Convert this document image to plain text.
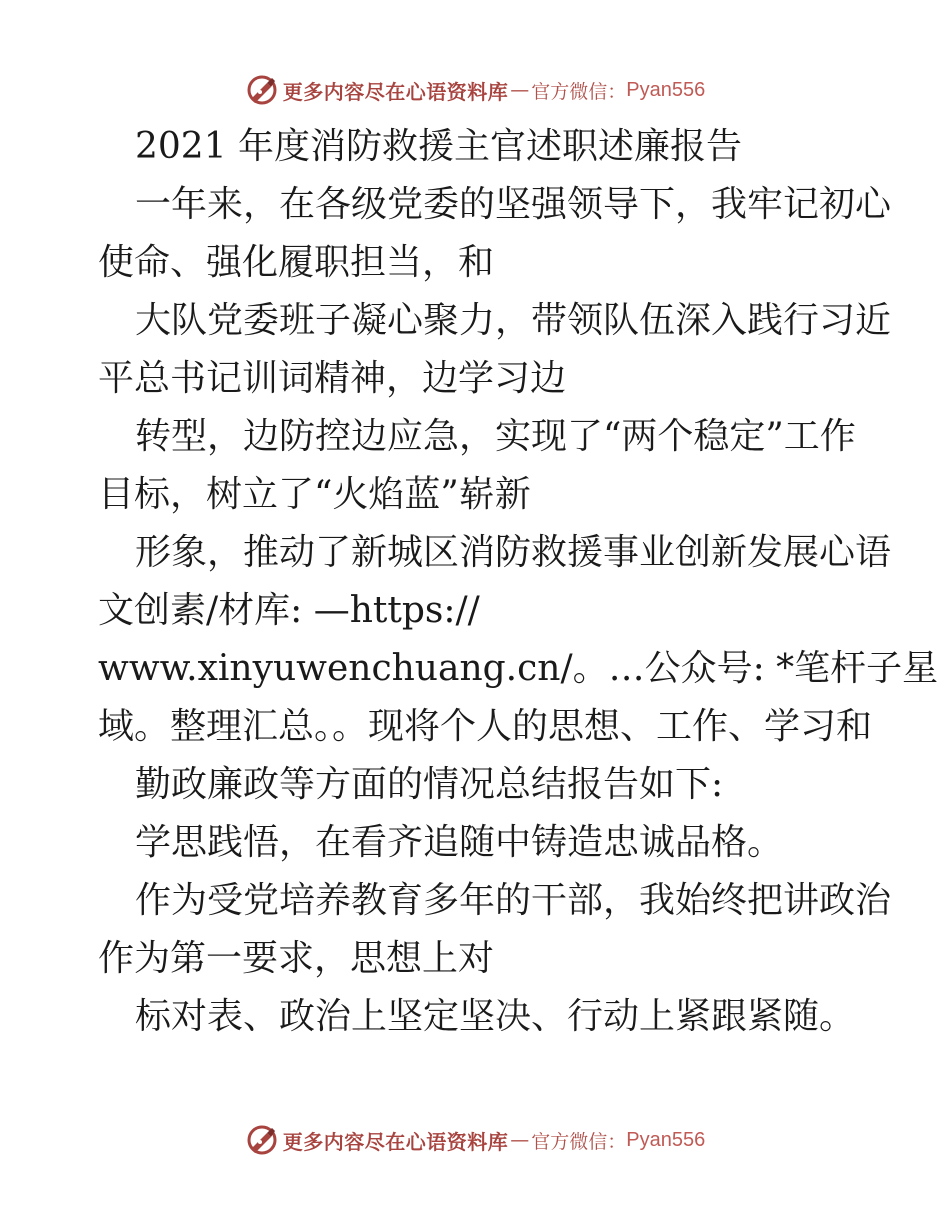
更多内容尽在心语资料库 — 官方微信： Pyan556

2021 年度消防救援主官述职述廉报告

一年来，在各级党委的坚强领导下，我牢记初心

使命、强化履职担当，和

大队党委班子凝心聚力，带领队伍深入践行习近

平总书记训词精神，边学习边

转型，边防控边应急，实现了“两个稳定”工作

目标，树立了“火焰蓝”崭新

形象，推动了新城区消防救援事业创新发展心语

文创素/材库: —https://

www.xinyuwenchuang.cn/。…公众号: *笔杆子星

域。整理汇总。。现将个人的思想、工作、学习和

勤政廉政等方面的情况总结报告如下:

学思践悟，在看齐追随中铸造忠诚品格。

作为受党培养教育多年的干部，我始终把讲政治

作为第一要求，思想上对

标对表、政治上坚定坚决、行动上紧跟紧随。

更多内容尽在心语资料库 — 官方微信： Pyan556
